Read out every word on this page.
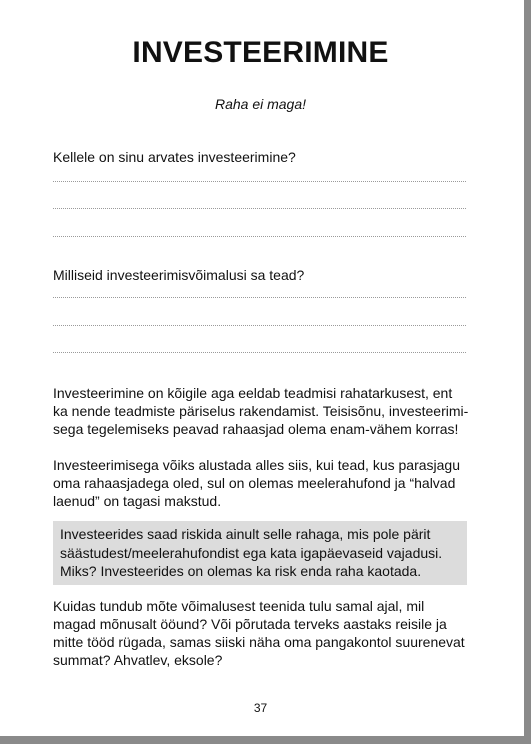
INVESTEERIMINE
Raha ei maga!
Kellele on sinu arvates investeerimine?
Milliseid investeerimisvõimalusi sa tead?

Investeerimine on kõigile aga eeldab teadmisi rahatarkusest, ent
ka nende teadmiste päriselus rakendamist. Teisisõnu, investeerimi-
sega tegelemiseks peavad rahaasjad olema enam-vähem korras!

Investeerimisega võiks alustada alles siis, kui tead, kus parasjagu
oma rahaasjadega oled, sul on olemas meelerahufond ja “halvad
laenud” on tagasi makstud.

Investeerides saad riskida ainult selle rahaga, mis pole pärit
säästudest/meelerahufondist ega kata igapäevaseid vajadusi.
Miks? Investeerides on olemas ka risk enda raha kaotada.

Kuidas tundub mõte võimalusest teenida tulu samal ajal, mil
magad mõnusalt ööund? Või põrutada terveks aastaks reisile ja
mitte tööd rügada, samas siiski näha oma pangakontol suurenevat
summat? Ahvatlev, eksole?

37
